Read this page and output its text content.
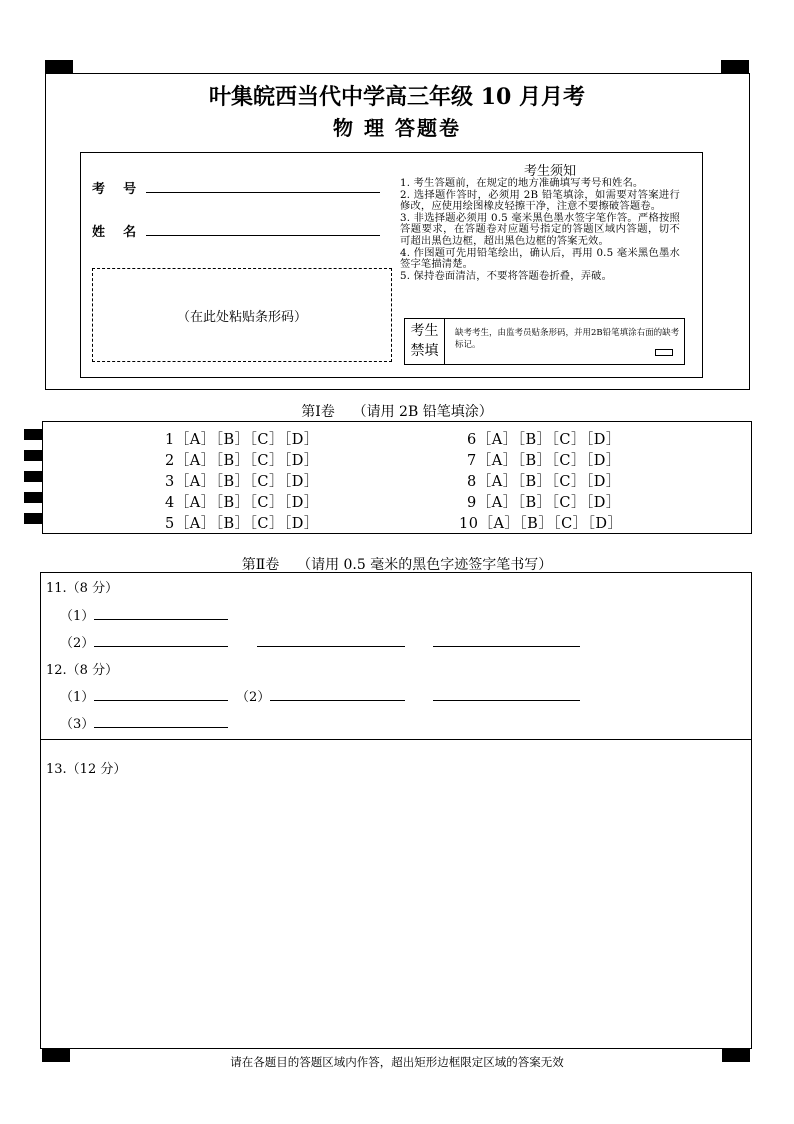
叶集皖西当代中学高三年级 10 月月考
物 理 答题卷
考    号
姓    名
（在此处粘贴条形码）
考生须知
1. 考生答题前，在规定的地方准确填写考号和姓名。
2. 选择题作答时，必须用 2B 铅笔填涂，如需要对答案进行修改，应使用绘图橡皮轻擦干净，注意不要擦破答题卷。
3. 非选择题必须用 0.5 毫米黑色墨水签字笔作答。严格按照答题要求，在答题卷对应题号指定的答题区域内答题，切不可超出黑色边框，超出黑色边框的答案无效。
4. 作图题可先用铅笔绘出，确认后，再用 0.5 毫米黑色墨水签字笔描清楚。
5. 保持卷面清洁，不要将答题卷折叠，弄破。
考生
禁填
缺考考生，由监考员贴条形码，并用2B铅笔填涂右面的缺考标记。
第Ⅰ卷    （请用 2B 铅笔填涂）
1［A］［B］［C］［D］
2［A］［B］［C］［D］
3［A］［B］［C］［D］
4［A］［B］［C］［D］
5［A］［B］［C］［D］
6［A］［B］［C］［D］
7［A］［B］［C］［D］
8［A］［B］［C］［D］
9［A］［B］［C］［D］
10［A］［B］［C］［D］
第Ⅱ卷    （请用 0.5 毫米的黑色字迹签字笔书写）
11.（8 分）
（1）
（2）
12.（8 分）
（1）	（2）
（3）
13.（12 分）
请在各题目的答题区域内作答，超出矩形边框限定区域的答案无效
